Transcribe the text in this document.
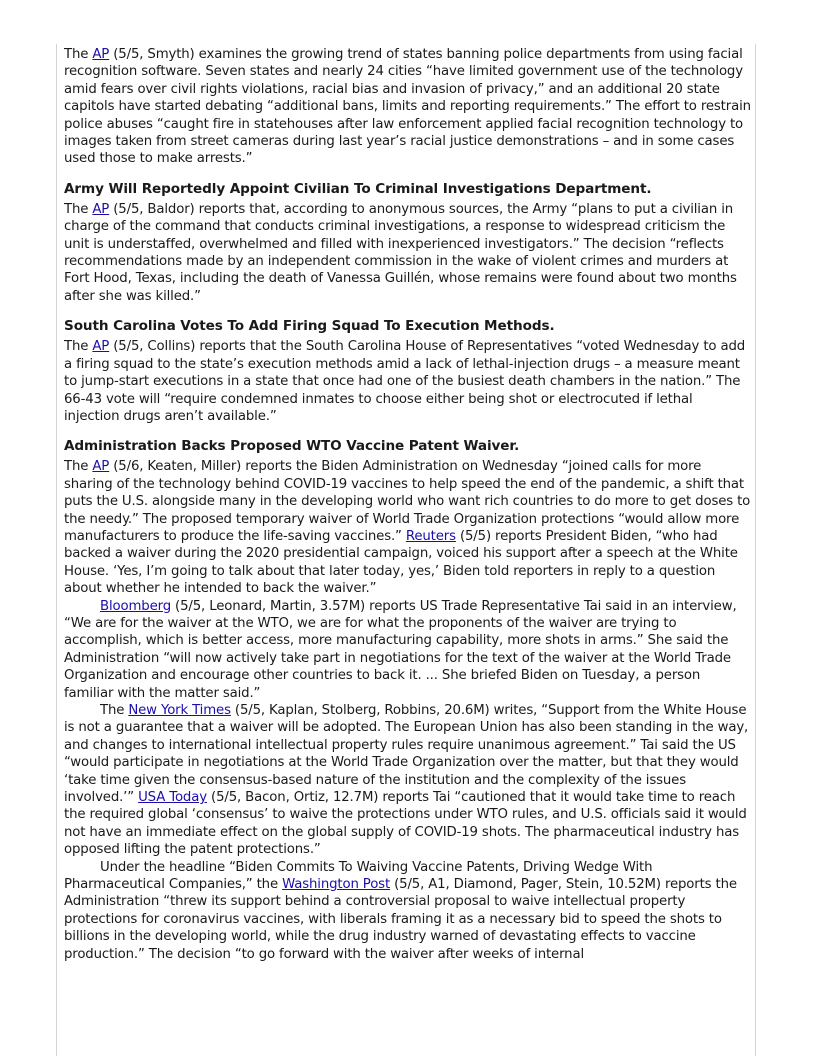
The AP (5/5, Smyth) examines the growing trend of states banning police departments from using facial recognition software. Seven states and nearly 24 cities “have limited government use of the technology amid fears over civil rights violations, racial bias and invasion of privacy,” and an additional 20 state capitols have started debating “additional bans, limits and reporting requirements.” The effort to restrain police abuses “caught fire in statehouses after law enforcement applied facial recognition technology to images taken from street cameras during last year’s racial justice demonstrations – and in some cases used those to make arrests.”

Army Will Reportedly Appoint Civilian To Criminal Investigations Department.

The AP (5/5, Baldor) reports that, according to anonymous sources, the Army “plans to put a civilian in charge of the command that conducts criminal investigations, a response to widespread criticism the unit is understaffed, overwhelmed and filled with inexperienced investigators.” The decision “reflects recommendations made by an independent commission in the wake of violent crimes and murders at Fort Hood, Texas, including the death of Vanessa Guillén, whose remains were found about two months after she was killed.”

South Carolina Votes To Add Firing Squad To Execution Methods.

The AP (5/5, Collins) reports that the South Carolina House of Representatives “voted Wednesday to add a firing squad to the state’s execution methods amid a lack of lethal-injection drugs – a measure meant to jump-start executions in a state that once had one of the busiest death chambers in the nation.” The 66-43 vote will “require condemned inmates to choose either being shot or electrocuted if lethal injection drugs aren’t available.”

Administration Backs Proposed WTO Vaccine Patent Waiver.

The AP (5/6, Keaten, Miller) reports the Biden Administration on Wednesday “joined calls for more sharing of the technology behind COVID-19 vaccines to help speed the end of the pandemic, a shift that puts the U.S. alongside many in the developing world who want rich countries to do more to get doses to the needy.” The proposed temporary waiver of World Trade Organization protections “would allow more manufacturers to produce the life-saving vaccines.” Reuters (5/5) reports President Biden, “who had backed a waiver during the 2020 presidential campaign, voiced his support after a speech at the White House. ‘Yes, I’m going to talk about that later today, yes,’ Biden told reporters in reply to a question about whether he intended to back the waiver.”

Bloomberg (5/5, Leonard, Martin, 3.57M) reports US Trade Representative Tai said in an interview, “We are for the waiver at the WTO, we are for what the proponents of the waiver are trying to accomplish, which is better access, more manufacturing capability, more shots in arms.” She said the Administration “will now actively take part in negotiations for the text of the waiver at the World Trade Organization and encourage other countries to back it. ... She briefed Biden on Tuesday, a person familiar with the matter said.”

The New York Times (5/5, Kaplan, Stolberg, Robbins, 20.6M) writes, “Support from the White House is not a guarantee that a waiver will be adopted. The European Union has also been standing in the way, and changes to international intellectual property rules require unanimous agreement.” Tai said the US “would participate in negotiations at the World Trade Organization over the matter, but that they would ‘take time given the consensus-based nature of the institution and the complexity of the issues involved.’” USA Today (5/5, Bacon, Ortiz, 12.7M) reports Tai “cautioned that it would take time to reach the required global ‘consensus’ to waive the protections under WTO rules, and U.S. officials said it would not have an immediate effect on the global supply of COVID-19 shots. The pharmaceutical industry has opposed lifting the patent protections.”

Under the headline “Biden Commits To Waiving Vaccine Patents, Driving Wedge With Pharmaceutical Companies,” the Washington Post (5/5, A1, Diamond, Pager, Stein, 10.52M) reports the Administration “threw its support behind a controversial proposal to waive intellectual property protections for coronavirus vaccines, with liberals framing it as a necessary bid to speed the shots to billions in the developing world, while the drug industry warned of devastating effects to vaccine production.” The decision “to go forward with the waiver after weeks of internal
